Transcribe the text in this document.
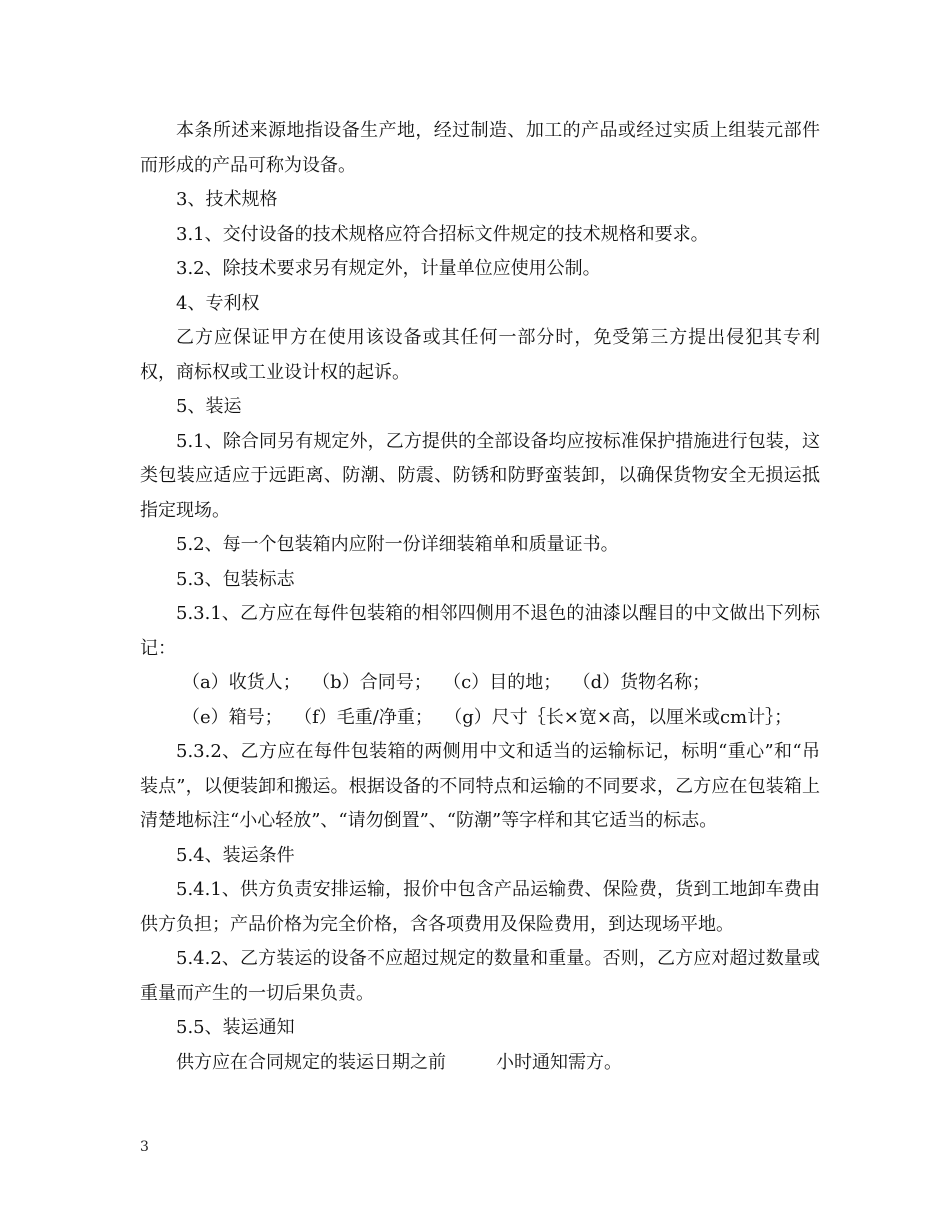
本条所述来源地指设备生产地，经过制造、加工的产品或经过实质上组装元部件而形成的产品可称为设备。

3、技术规格

3.1、交付设备的技术规格应符合招标文件规定的技术规格和要求。

3.2、除技术要求另有规定外，计量单位应使用公制。

4、专利权

乙方应保证甲方在使用该设备或其任何一部分时，免受第三方提出侵犯其专利权，商标权或工业设计权的起诉。

5、装运

5.1、除合同另有规定外，乙方提供的全部设备均应按标准保护措施进行包装，这类包装应适应于远距离、防潮、防震、防锈和防野蛮装卸，以确保货物安全无损运抵指定现场。

5.2、每一个包装箱内应附一份详细装箱单和质量证书。

5.3、包装标志

5.3.1、乙方应在每件包装箱的相邻四侧用不退色的油漆以醒目的中文做出下列标记：

（a）收货人；  （b）合同号；  （c）目的地；  （d）货物名称；

（e）箱号；  （f）毛重/净重；  （g）尺寸｛长×宽×高，以厘米或cm计｝；

5.3.2、乙方应在每件包装箱的两侧用中文和适当的运输标记，标明“重心”和“吊装点”，以便装卸和搬运。根据设备的不同特点和运输的不同要求，乙方应在包装箱上清楚地标注“小心轻放”、“请勿倒置”、“防潮”等字样和其它适当的标志。

5.4、装运条件

5.4.1、供方负责安排运输，报价中包含产品运输费、保险费，货到工地卸车费由供方负担；产品价格为完全价格，含各项费用及保险费用，到达现场平地。

5.4.2、乙方装运的设备不应超过规定的数量和重量。否则，乙方应对超过数量或重量而产生的一切后果负责。

5.5、装运通知

供方应在合同规定的装运日期之前	小时通知需方。

3
